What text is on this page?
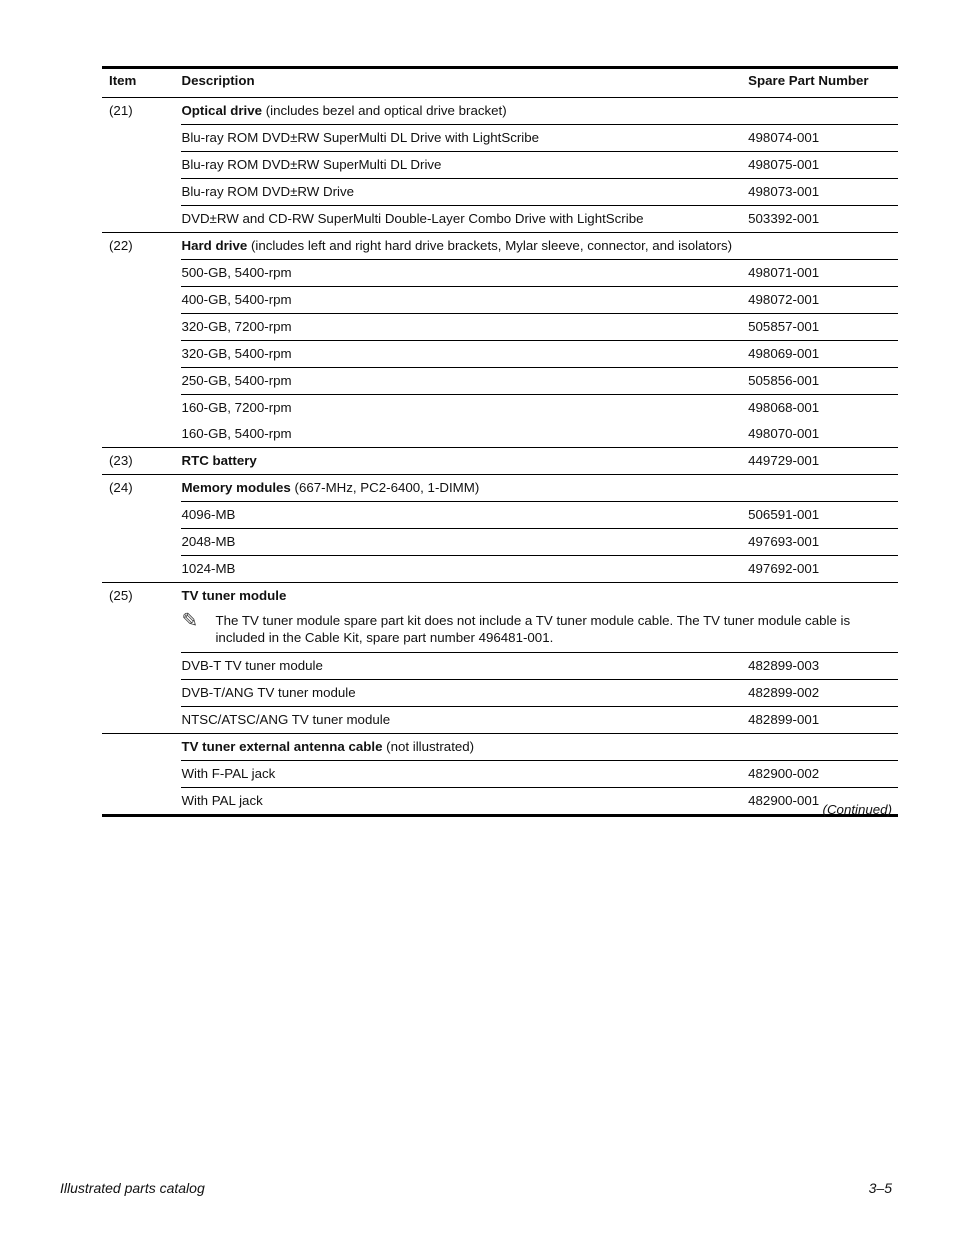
Item	Description	Spare Part Number
(21)	Optical drive (includes bezel and optical drive bracket)	
	Blu-ray ROM DVD±RW SuperMulti DL Drive with LightScribe	498074-001
	Blu-ray ROM DVD±RW SuperMulti DL Drive	498075-001
	Blu-ray ROM DVD±RW Drive	498073-001
	DVD±RW and CD-RW SuperMulti Double-Layer Combo Drive with LightScribe	503392-001
(22)	Hard drive (includes left and right hard drive brackets, Mylar sleeve, connector, and isolators)	
	500-GB, 5400-rpm	498071-001
	400-GB, 5400-rpm	498072-001
	320-GB, 7200-rpm	505857-001
	320-GB, 5400-rpm	498069-001
	250-GB, 5400-rpm	505856-001
	160-GB, 7200-rpm	498068-001
	160-GB, 5400-rpm	498070-001
(23)	RTC battery	449729-001
(24)	Memory modules (667-MHz, PC2-6400, 1-DIMM)	
	4096-MB	506591-001
	2048-MB	497693-001
	1024-MB	497692-001
(25)	TV tuner module	

	✎ The TV tuner module spare part kit does not include a TV tuner module cable. The TV tuner module cable is included in the Cable Kit, spare part number 496481-001.	

	DVB-T TV tuner module	482899-003
	DVB-T/ANG TV tuner module	482899-002
	NTSC/ATSC/ANG TV tuner module	482899-001
	TV tuner external antenna cable (not illustrated)	
	With F-PAL jack	482900-002
	With PAL jack	482900-001
(Continued)
Illustrated parts catalog	3–5
